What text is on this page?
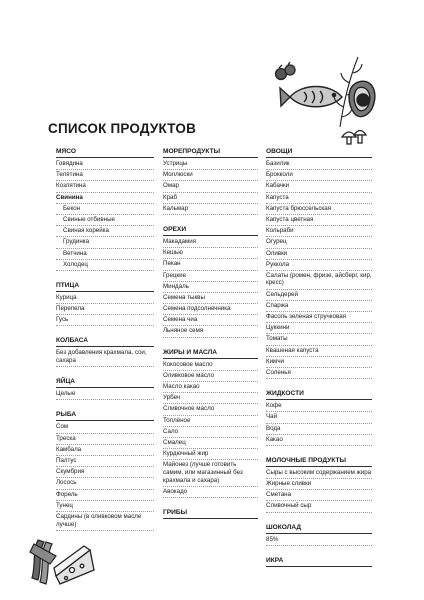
СПИСОК ПРОДУКТОВ
МЯСО
Говядина
Телятина
Козлятина
Свинина
Бекон
Свиные отбивные
Свиная корейка
Грудинка
Ветчина
Холодец
ПТИЦА
Курица
Перепела
Гусь
КОЛБАСА
Без добавления крахмала, сои, сахара
ЯЙЦА
Целые
РЫБА
Сом
Треска
Камбала
Палтус
Скумбрия
Лосось
Форель
Тунец
Сардины (в оливковом масле лучше)
МОРЕПРОДУКТЫ
Устрицы
Моллюски
Омар
Краб
Кальмар
ОРЕХИ
Макадамия
Кешью
Пекан
Грецкие
Миндаль
Семена тыквы
Семена подсолнечника
Семена чиа
Льняное семя
ЖИРЫ И МАСЛА
Кокосовое масло
Оливковое масло
Масло какао
Урбеч
Сливочное масло
Топлёное
Сало
Смалец
Курдючный жир
Майонез (лучше готовить самим, или магазинный без крахмала и сахара)
Авокадо
ГРИБЫ
ОВОЩИ
Базилик
Брокколи
Кабачки
Капуста
Капуста брюссельская
Капуста цветная
Кольраби
Огурец
Оливки
Руккола
Салаты (ромен, фризе, айсберг, кир, кресс)
Сельдерей
Спаржа
Фасоль зеленая стручковая
Цуккини
Томаты
Квашеная капуста
Кимчи
Соленья
ЖИДКОСТИ
Кофе
Чай
Вода
Какао
МОЛОЧНЫЕ ПРОДУКТЫ
Сыры с высоким содержанием жира
Жирные сливки
Сметана
Сливочный сыр
ШОКОЛАД
85%
ИКРА
